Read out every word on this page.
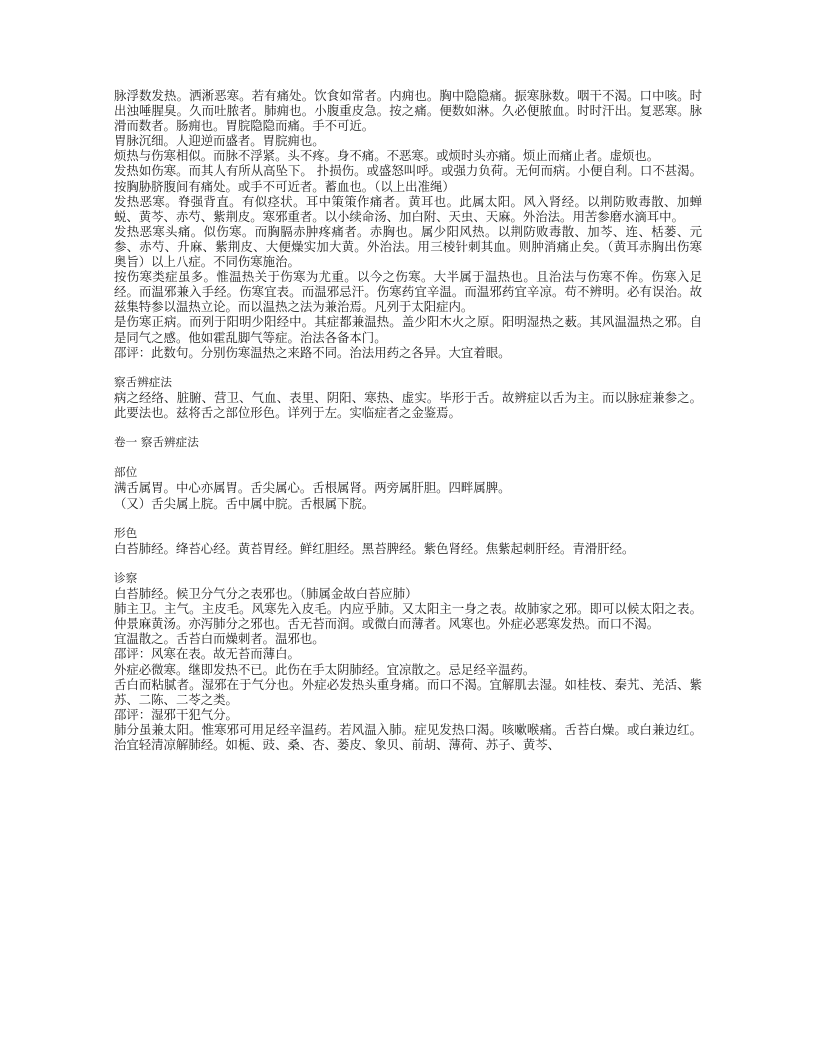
脉浮数发热。洒淅恶寒。若有痛处。饮食如常者。内痈也。胸中隐隐痛。振寒脉数。咽干不渴。口中咳。时出浊唾腥臭。久而吐脓者。肺痈也。小腹重皮急。按之痛。便数如淋。久必便脓血。时时汗出。复恶寒。脉滑而数者。肠痈也。胃脘隐隐而痛。手不可近。

胃脉沉细。人迎逆而盛者。胃脘痈也。

烦热与伤寒相似。而脉不浮紧。头不疼。身不痛。不恶寒。或烦时头亦痛。烦止而痛止者。虚烦也。

发热如伤寒。而其人有所从高坠下。 扑损伤。或盛怒叫呼。或强力负荷。无何而病。小便自利。口不甚渴。按胸胁脐腹间有痛处。或手不可近者。蓄血也。（以上出准绳）

发热恶寒。脊强背直。有似痉状。耳中策策作痛者。黄耳也。此属太阳。风入肾经。以荆防败毒散、加蝉蜕、黄芩、赤芍、紫荆皮。寒邪重者。以小续命汤、加白附、天虫、天麻。外治法。用苦参磨水滴耳中。

发热恶寒头痛。似伤寒。而胸膈赤肿疼痛者。赤胸也。属少阳风热。以荆防败毒散、加芩、连、栝蒌、元参、赤芍、升麻、紫荆皮、大便燥实加大黄。外治法。用三棱针刺其血。则肿消痛止矣。（黄耳赤胸出伤寒奥旨）以上八症。不同伤寒施治。

按伤寒类症虽多。惟温热关于伤寒为尤重。以今之伤寒。大半属于温热也。且治法与伤寒不侔。伤寒入足经。而温邪兼入手经。伤寒宜表。而温邪忌汗。伤寒药宜辛温。而温邪药宜辛凉。苟不辨明。必有误治。故兹集特参以温热立论。而以温热之法为兼治焉。凡列于太阳症内。

是伤寒正病。而列于阳明少阳经中。其症都兼温热。盖少阳木火之原。阳明湿热之薮。其风温温热之邪。自是同气之感。他如霍乱脚气等症。治法各备本门。

邵评：此数句。分别伤寒温热之来路不同。治法用药之各异。大宜着眼。

察舌辨症法

病之经络、脏腑、营卫、气血、表里、阴阳、寒热、虚实。毕形于舌。故辨症以舌为主。而以脉症兼参之。此要法也。兹将舌之部位形色。详列于左。实临症者之金鉴焉。

卷一 察舌辨症法

部位

满舌属胃。中心亦属胃。舌尖属心。舌根属肾。两旁属肝胆。四畔属脾。

（又）舌尖属上脘。舌中属中脘。舌根属下脘。

形色

白苔肺经。绛苔心经。黄苔胃经。鲜红胆经。黑苔脾经。紫色肾经。焦紫起刺肝经。青滑肝经。

诊察

白苔肺经。候卫分气分之表邪也。（肺属金故白苔应肺）

肺主卫。主气。主皮毛。风寒先入皮毛。内应乎肺。又太阳主一身之表。故肺家之邪。即可以候太阳之表。仲景麻黄汤。亦泻肺分之邪也。舌无苔而润。或微白而薄者。风寒也。外症必恶寒发热。而口不渴。

宜温散之。舌苔白而燥刺者。温邪也。

邵评：风寒在表。故无苔而薄白。

外症必微寒。继即发热不已。此伤在手太阴肺经。宜凉散之。忌足经辛温药。

舌白而粘腻者。湿邪在于气分也。外症必发热头重身痛。而口不渴。宜解肌去湿。如桂枝、秦艽、羌活、紫苏、二陈、二苓之类。

邵评：湿邪干犯气分。

肺分虽兼太阳。惟寒邪可用足经辛温药。若风温入肺。症见发热口渴。咳嗽喉痛。舌苔白燥。或白兼边红。治宜轻清凉解肺经。如栀、豉、桑、杏、蒌皮、象贝、前胡、薄荷、苏子、黄芩、
